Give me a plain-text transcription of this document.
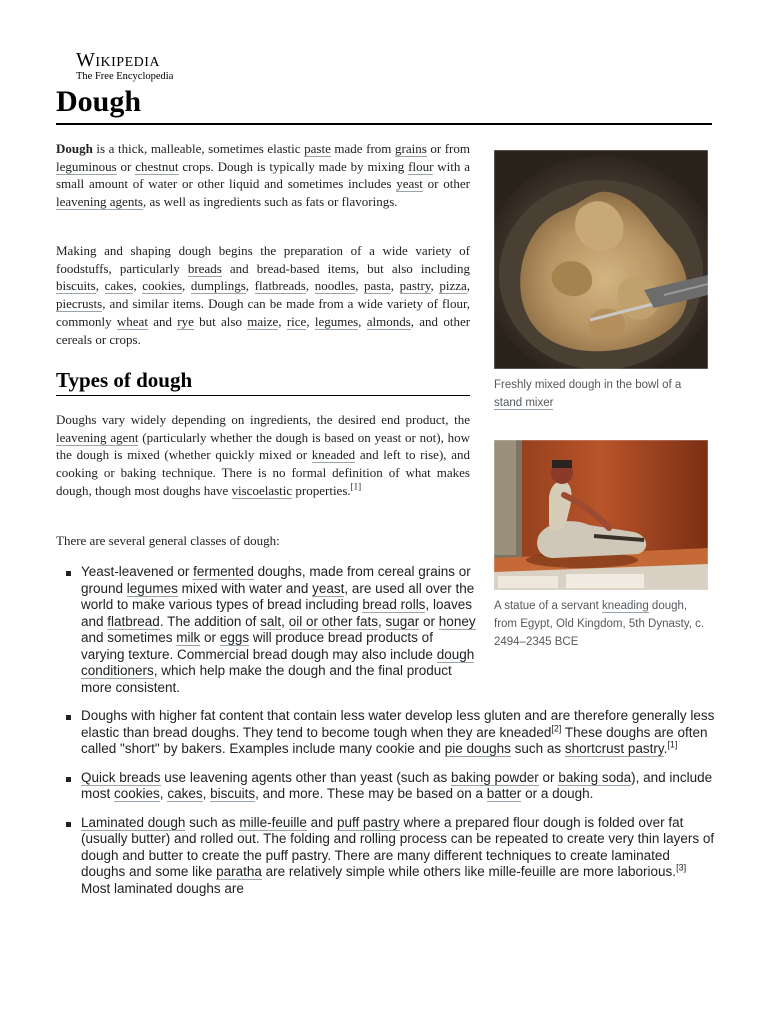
Wikipedia
The Free Encyclopedia
Dough

Dough is a thick, malleable, sometimes elastic paste made from grains or from leguminous or chestnut crops. Dough is typically made by mixing flour with a small amount of water or other liquid and sometimes includes yeast or other leavening agents, as well as ingredients such as fats or flavorings.

Making and shaping dough begins the preparation of a wide variety of foodstuffs, particularly breads and bread-based items, but also including biscuits, cakes, cookies, dumplings, flatbreads, noodles, pasta, pastry, pizza, piecrusts, and similar items. Dough can be made from a wide variety of flour, commonly wheat and rye but also maize, rice, legumes, almonds, and other cereals or crops.

Types of dough

Doughs vary widely depending on ingredients, the desired end product, the leavening agent (particularly whether the dough is based on yeast or not), how the dough is mixed (whether quickly mixed or kneaded and left to rise), and cooking or baking technique. There is no formal definition of what makes dough, though most doughs have viscoelastic properties.[1]

There are several general classes of dough:

Freshly mixed dough in the bowl of a stand mixer
A statue of a servant kneading dough, from Egypt, Old Kingdom, 5th Dynasty, c. 2494–2345 BCE
Yeast-leavened or fermented doughs, made from cereal grains or ground legumes mixed with water and yeast, are used all over the world to make various types of bread including bread rolls, loaves and flatbread. The addition of salt, oil or other fats, sugar or honey and sometimes milk or eggs will produce bread products of varying texture. Commercial bread dough may also include dough conditioners, which help make the dough and the final product more consistent.
Doughs with higher fat content that contain less water develop less gluten and are therefore generally less elastic than bread doughs. They tend to become tough when they are kneaded[2] These doughs are often called "short" by bakers. Examples include many cookie and pie doughs such as shortcrust pastry.[1]
Quick breads use leavening agents other than yeast (such as baking powder or baking soda), and include most cookies, cakes, biscuits, and more. These may be based on a batter or a dough.
Laminated dough such as mille-feuille and puff pastry where a prepared flour dough is folded over fat (usually butter) and rolled out. The folding and rolling process can be repeated to create very thin layers of dough and butter to create the puff pastry. There are many different techniques to create laminated doughs and some like paratha are relatively simple while others like mille-feuille are more laborious.[3] Most laminated doughs are
